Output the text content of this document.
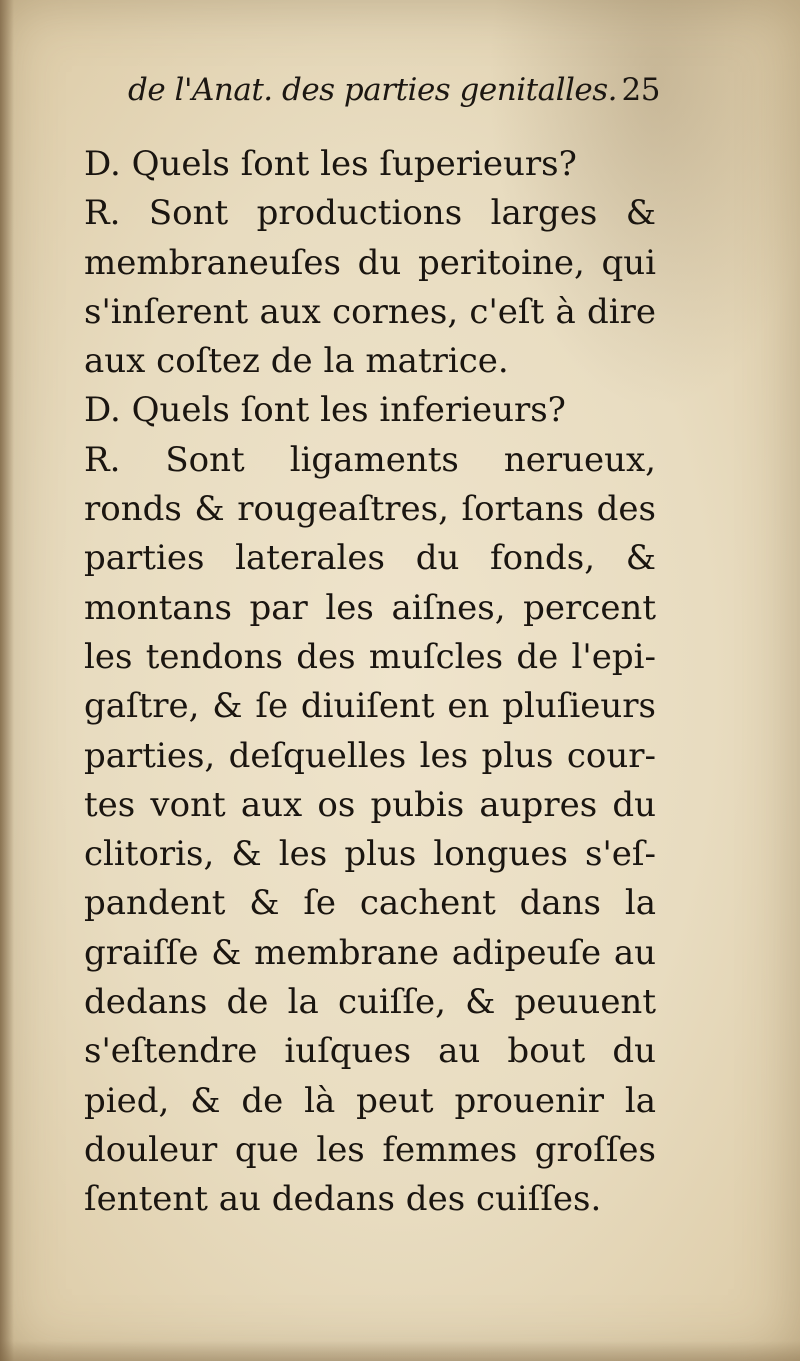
de l'Anat. des parties genitalles. 25
D. Quels ſont les ſuperieurs?
R. Sont productions larges &
membraneuſes du peritoine, qui
s'inſerent aux cornes, c'eſt à dire
aux coſtez de la matrice.
D. Quels ſont les inferieurs?
R. Sont ligaments nerueux,
ronds & rougeaſtres, ſortans des
parties laterales du fonds, &
montans par les aiſnes, percent
les tendons des muſcles de l'epi-
gaſtre, & ſe diuiſent en pluſieurs
parties, deſquelles les plus cour-
tes vont aux os pubis aupres du
clitoris, & les plus longues s'eſ-
pandent & ſe cachent dans la
graiſſe & membrane adipeuſe au
dedans de la cuiſſe, & peuuent
s'eſtendre iuſques au bout du
pied, & de là peut prouenir la
douleur que les femmes groſſes
ſentent au dedans des cuiſſes.
